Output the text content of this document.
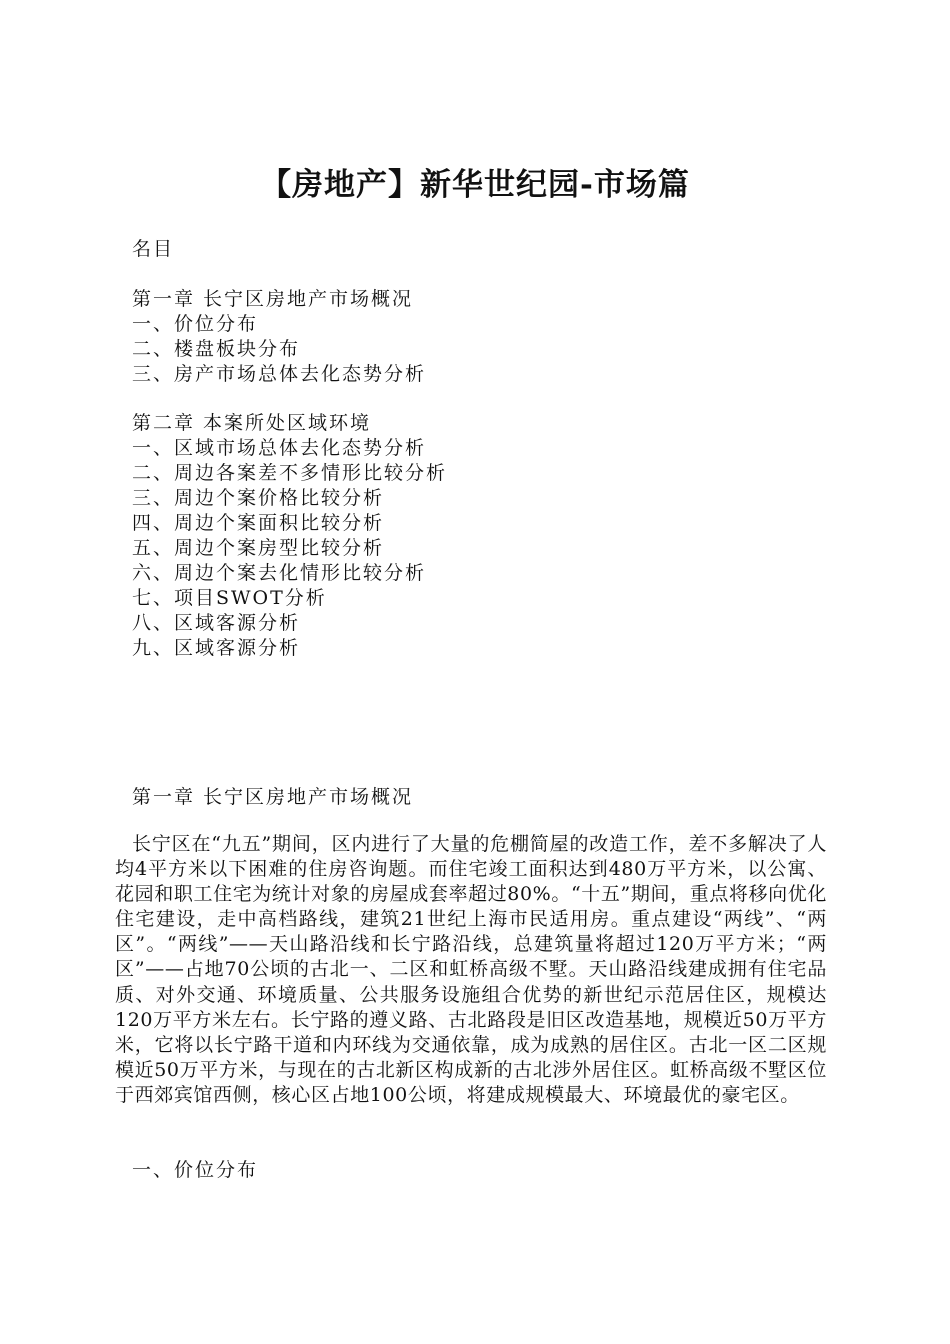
【房地产】新华世纪园-市场篇

名目

第一章 长宁区房地产市场概况
一、价位分布
二、楼盘板块分布
三、房产市场总体去化态势分析
第二章 本案所处区域环境
一、区域市场总体去化态势分析
二、周边各案差不多情形比较分析
三、周边个案价格比较分析
四、周边个案面积比较分析
五、周边个案房型比较分析
六、周边个案去化情形比较分析
七、项目SWOT分析
八、区域客源分析
九、区域客源分析
第一章 长宁区房地产市场概况

长宁区在“九五”期间，区内进行了大量的危棚简屋的改造工作，差不多解决了人均4平方米以下困难的住房咨询题。而住宅竣工面积达到480万平方米，以公寓、花园和职工住宅为统计对象的房屋成套率超过80%。“十五”期间，重点将移向优化住宅建设，走中高档路线，建筑21世纪上海市民适用房。重点建设“两线”、“两区”。“两线”——天山路沿线和长宁路沿线，总建筑量将超过120万平方米；“两区”——占地70公顷的古北一、二区和虹桥高级不墅。天山路沿线建成拥有住宅品质、对外交通、环境质量、公共服务设施组合优势的新世纪示范居住区，规模达120万平方米左右。长宁路的遵义路、古北路段是旧区改造基地，规模近50万平方米，它将以长宁路干道和内环线为交通依靠，成为成熟的居住区。古北一区二区规模近50万平方米，与现在的古北新区构成新的古北涉外居住区。虹桥高级不墅区位于西郊宾馆西侧，核心区占地100公顷，将建成规模最大、环境最优的豪宅区。

一、价位分布
